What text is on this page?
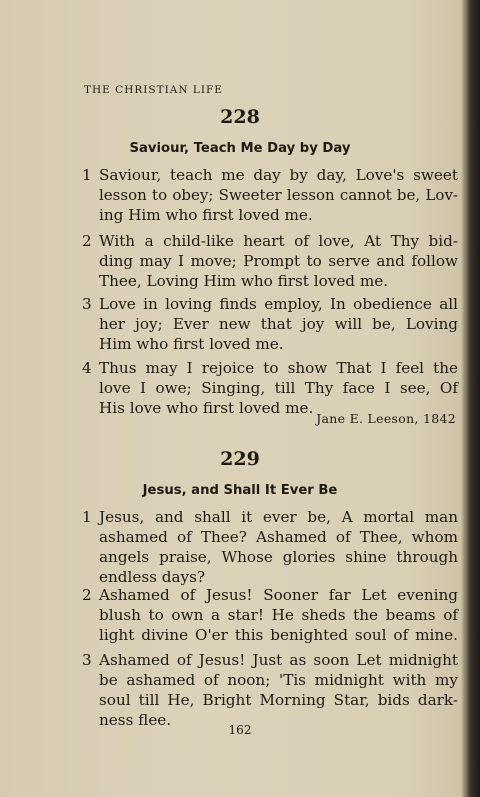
THE CHRISTIAN LIFE
228
Saviour, Teach Me Day by Day
1 Saviour, teach me day by day, Love's sweet
lesson to obey; Sweeter lesson cannot be, Lov-
ing Him who first loved me.
2 With a child-like heart of love, At Thy bid-
ding may I move; Prompt to serve and follow
Thee, Loving Him who first loved me.
3 Love in loving finds employ, In obedience all
her joy; Ever new that joy will be, Loving
Him who first loved me.
4 Thus may I rejoice to show That I feel the
love I owe; Singing, till Thy face I see, Of
His love who first loved me.
Jane E. Leeson, 1842
229
Jesus, and Shall It Ever Be
1 Jesus, and shall it ever be, A mortal man
ashamed of Thee? Ashamed of Thee, whom
angels praise, Whose glories shine through
endless days?
2 Ashamed of Jesus! Sooner far Let evening
blush to own a star! He sheds the beams of
light divine O'er this benighted soul of mine.
3 Ashamed of Jesus! Just as soon Let midnight
be ashamed of noon; 'Tis midnight with my
soul till He, Bright Morning Star, bids dark-
ness flee.
162
